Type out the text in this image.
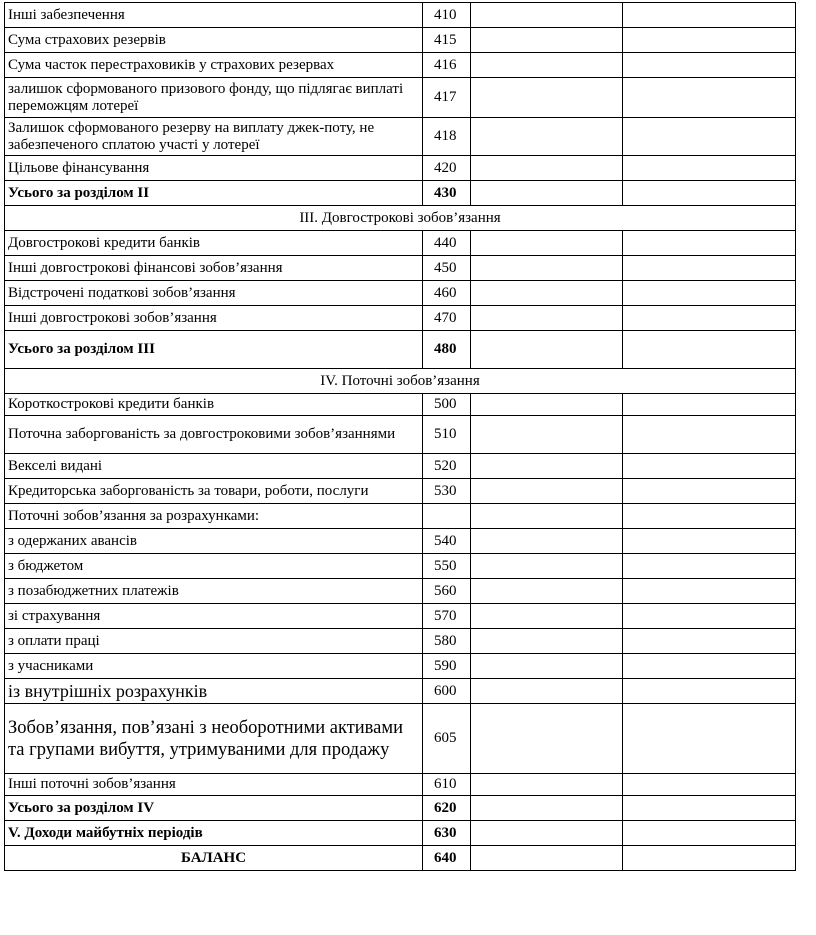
Інші забезпечення	410		
Сума страхових резервів	415		
Сума часток перестраховиків у страхових резервах	416		
залишок сформованого призового фонду, що підлягає виплаті переможцям лотереї	417		
Залишок сформованого резерву на виплату джек-поту, не забезпеченого сплатою участі у лотереї	418		
Цільове фінансування	420		
Усього за розділом ІІ	430		
ІІІ. Довгострокові зобов’язання			
Довгострокові кредити банків	440		
Інші довгострокові фінансові зобов’язання	450		
Відстрочені податкові зобов’язання	460		
Інші довгострокові зобов’язання	470		
Усього за розділом ІІІ	480		
IV. Поточні зобов’язання			
Короткострокові кредити банків	500		
Поточна заборгованість за довгостроковими зобов’язаннями	510		
Векселі видані	520		
Кредиторська заборгованість за товари, роботи, послуги	530		
Поточні зобов’язання за розрахунками:			
з одержаних авансів	540		
з бюджетом	550		
з позабюджетних платежів	560		
зі страхування	570		
з оплати праці	580		
з учасниками	590		
із внутрішніх розрахунків	600		
Зобов’язання, пов’язані з необоротними активами та групами вибуття, утримуваними для продажу	605		
Інші поточні зобов’язання	610		
Усього за розділом IV	620		
V. Доходи майбутніх періодів	630		
БАЛАНС	640		
